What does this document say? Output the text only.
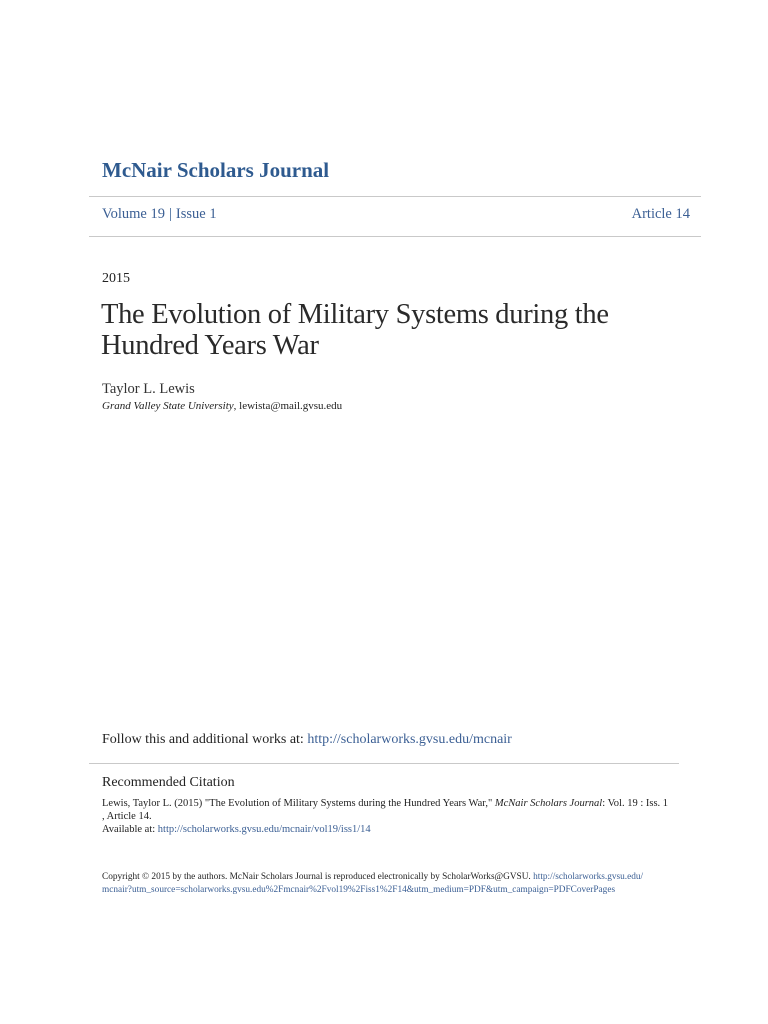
McNair Scholars Journal
Volume 19 | Issue 1	Article 14
2015
The Evolution of Military Systems during the Hundred Years War
Taylor L. Lewis
Grand Valley State University, lewista@mail.gvsu.edu
Follow this and additional works at: http://scholarworks.gvsu.edu/mcnair
Recommended Citation
Lewis, Taylor L. (2015) "The Evolution of Military Systems during the Hundred Years War," McNair Scholars Journal: Vol. 19 : Iss. 1 , Article 14.
Available at: http://scholarworks.gvsu.edu/mcnair/vol19/iss1/14
Copyright © 2015 by the authors. McNair Scholars Journal is reproduced electronically by ScholarWorks@GVSU. http://scholarworks.gvsu.edu/
mcnair?utm_source=scholarworks.gvsu.edu%2Fmcnair%2Fvol19%2Fiss1%2F14&utm_medium=PDF&utm_campaign=PDFCoverPages
